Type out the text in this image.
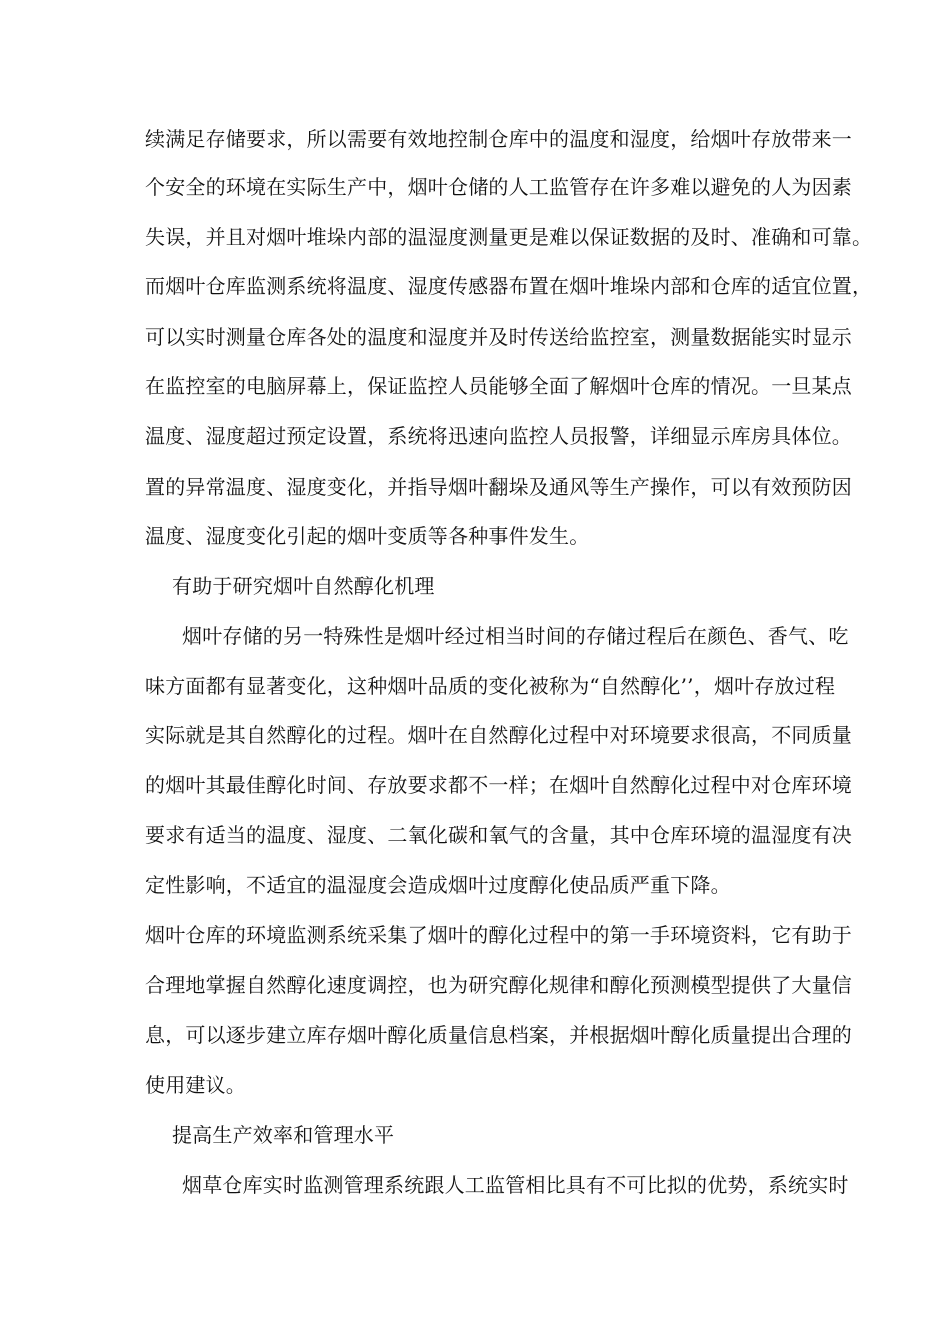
续满足存储要求，所以需要有效地控制仓库中的温度和湿度，给烟叶存放带来一
个安全的环境在实际生产中，烟叶仓储的人工监管存在许多难以避免的人为因素
失误，并且对烟叶堆垛内部的温湿度测量更是难以保证数据的及时、准确和可靠。
而烟叶仓库监测系统将温度、湿度传感器布置在烟叶堆垛内部和仓库的适宜位置，
可以实时测量仓库各处的温度和湿度并及时传送给监控室，测量数据能实时显示
在监控室的电脑屏幕上，保证监控人员能够全面了解烟叶仓库的情况。一旦某点
温度、湿度超过预定设置，系统将迅速向监控人员报警，详细显示库房具体位。
置的异常温度、湿度变化，并指导烟叶翻垛及通风等生产操作，可以有效预防因
温度、湿度变化引起的烟叶变质等各种事件发生。
有助于研究烟叶自然醇化机理
烟叶存储的另一特殊性是烟叶经过相当时间的存储过程后在颜色、香气、吃
味方面都有显著变化，这种烟叶品质的变化被称为“自然醇化’’，烟叶存放过程
实际就是其自然醇化的过程。烟叶在自然醇化过程中对环境要求很高，不同质量
的烟叶其最佳醇化时间、存放要求都不一样；在烟叶自然醇化过程中对仓库环境
要求有适当的温度、湿度、二氧化碳和氧气的含量，其中仓库环境的温湿度有决
定性影响，不适宜的温湿度会造成烟叶过度醇化使品质严重下降。
烟叶仓库的环境监测系统采集了烟叶的醇化过程中的第一手环境资料，它有助于
合理地掌握自然醇化速度调控，也为研究醇化规律和醇化预测模型提供了大量信
息，可以逐步建立库存烟叶醇化质量信息档案，并根据烟叶醇化质量提出合理的
使用建议。
提高生产效率和管理水平
烟草仓库实时监测管理系统跟人工监管相比具有不可比拟的优势，系统实时
